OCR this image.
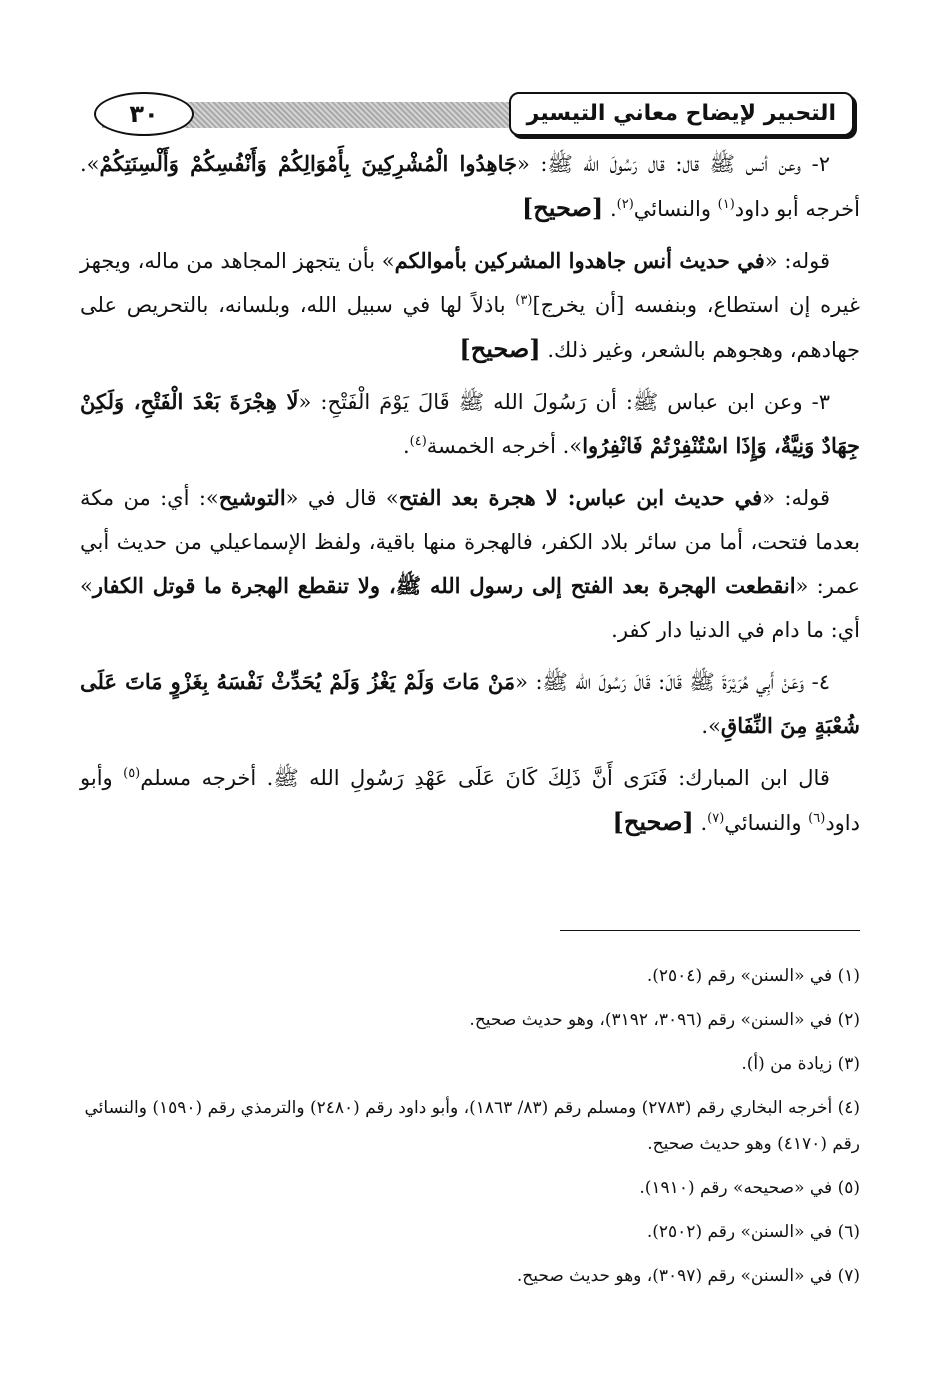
التحبير لإيضاح معاني التيسير
٣٠

٢- وعن أنس ﷺ قال: قال رَسُولَ الله ﷺ: «جَاهِدُوا الْمُشْرِكِينَ بِأَمْوَالِكُمْ وَأَنْفُسِكُمْ وَأَلْسِنَتِكُمْ». أخرجه أبو داود$^{(١)}$ والنسائي$^{(٢)}$. [صحيح]

قوله: «في حديث أنس جاهدوا المشركين بأموالكم» بأن يتجهز المجاهد من ماله، ويجهز غيره إن استطاع، وبنفسه [أن يخرج]$^{(٣)}$ باذلاً لها في سبيل الله، وبلسانه، بالتحريص على جهادهم، وهجوهم بالشعر، وغير ذلك. [صحيح]

٣- وعن ابن عباس ﷺ: أن رَسُولَ الله ﷺ قَالَ يَوْمَ الْفَتْحِ: «لَا هِجْرَةَ بَعْدَ الْفَتْحِ، وَلَكِنْ جِهَادٌ وَنِيَّةٌ، وَإِذَا اسْتُنْفِرْتُمْ فَانْفِرُوا». أخرجه الخمسة$^{(٤)}$.

قوله: «في حديث ابن عباس: لا هجرة بعد الفتح» قال في «التوشيح»: أي: من مكة بعدما فتحت، أما من سائر بلاد الكفر، فالهجرة منها باقية، ولفظ الإسماعيلي من حديث أبي عمر: «انقطعت الهجرة بعد الفتح إلى رسول الله ﷺ، ولا تنقطع الهجرة ما قوتل الكفار» أي: ما دام في الدنيا دار كفر.

٤- وَعَنْ أَبِي هُرَيْرَةَ ﷺ قَالَ: قَالَ رَسُولَ الله ﷺ: «مَنْ مَاتَ وَلَمْ يَغْزُ وَلَمْ يُحَدِّثْ نَفْسَهُ بِغَزْوٍ مَاتَ عَلَى شُعْبَةٍ مِنَ النِّفَاقِ».

قال ابن المبارك: فَنَرَى أَنَّ ذَلِكَ كَانَ عَلَى عَهْدِ رَسُولِ الله ﷺ. أخرجه مسلم$^{(٥)}$ وأبو داود$^{(٦)}$ والنسائي$^{(٧)}$. [صحيح]

(١) في «السنن» رقم (٢٥٠٤).

(٢) في «السنن» رقم (٣٠٩٦، ٣١٩٢)، وهو حديث صحيح.

(٣) زيادة من (أ).

(٤) أخرجه البخاري رقم (٢٧٨٣) ومسلم رقم (٨٣/ ١٨٦٣)، وأبو داود رقم (٢٤٨٠) والترمذي رقم (١٥٩٠) والنسائي رقم (٤١٧٠) وهو حديث صحيح.

(٥) في «صحيحه» رقم (١٩١٠).

(٦) في «السنن» رقم (٢٥٠٢).

(٧) في «السنن» رقم (٣٠٩٧)، وهو حديث صحيح.
